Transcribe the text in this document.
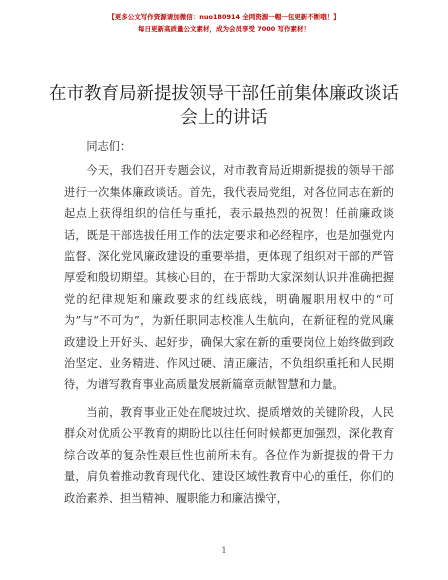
【更多公文写作资源请加微信：nuo180914 全网资源一帽一包更新不断哦！】
每日更新高质量公文素材，成为会员享受 7000 写作素材！
在市教育局新提拔领导干部任前集体廉政谈话
会上的讲话

同志们：

今天，我们召开专题会议，对市教育局近期新提拔的领导干部进行一次集体廉政谈话。首先，我代表局党组，对各位同志在新的起点上获得组织的信任与重托，表示最热烈的祝贺！任前廉政谈话，既是干部选拔任用工作的法定要求和必经程序，也是加强党内监督、深化党风廉政建设的重要举措，更体现了组织对干部的严管厚爱和殷切期望。其核心目的，在于帮助大家深刻认识并准确把握党的纪律规矩和廉政要求的红线底线，明确履职用权中的“可为”与“不可为”，为新任职同志校准人生航向，在新征程的党风廉政建设上开好头、起好步，确保大家在新的重要岗位上始终做到政治坚定、业务精进、作风过硬、清正廉洁，不负组织重托和人民期待，为谱写教育事业高质量发展新篇章贡献智慧和力量。

当前，教育事业正处在爬坡过坎、提质增效的关键阶段，人民群众对优质公平教育的期盼比以往任何时候都更加强烈，深化教育综合改革的复杂性艰巨性也前所未有。各位作为新提拔的骨干力量，肩负着推动教育现代化、建设区域性教育中心的重任，你们的政治素养、担当精神、履职能力和廉洁操守，

1
